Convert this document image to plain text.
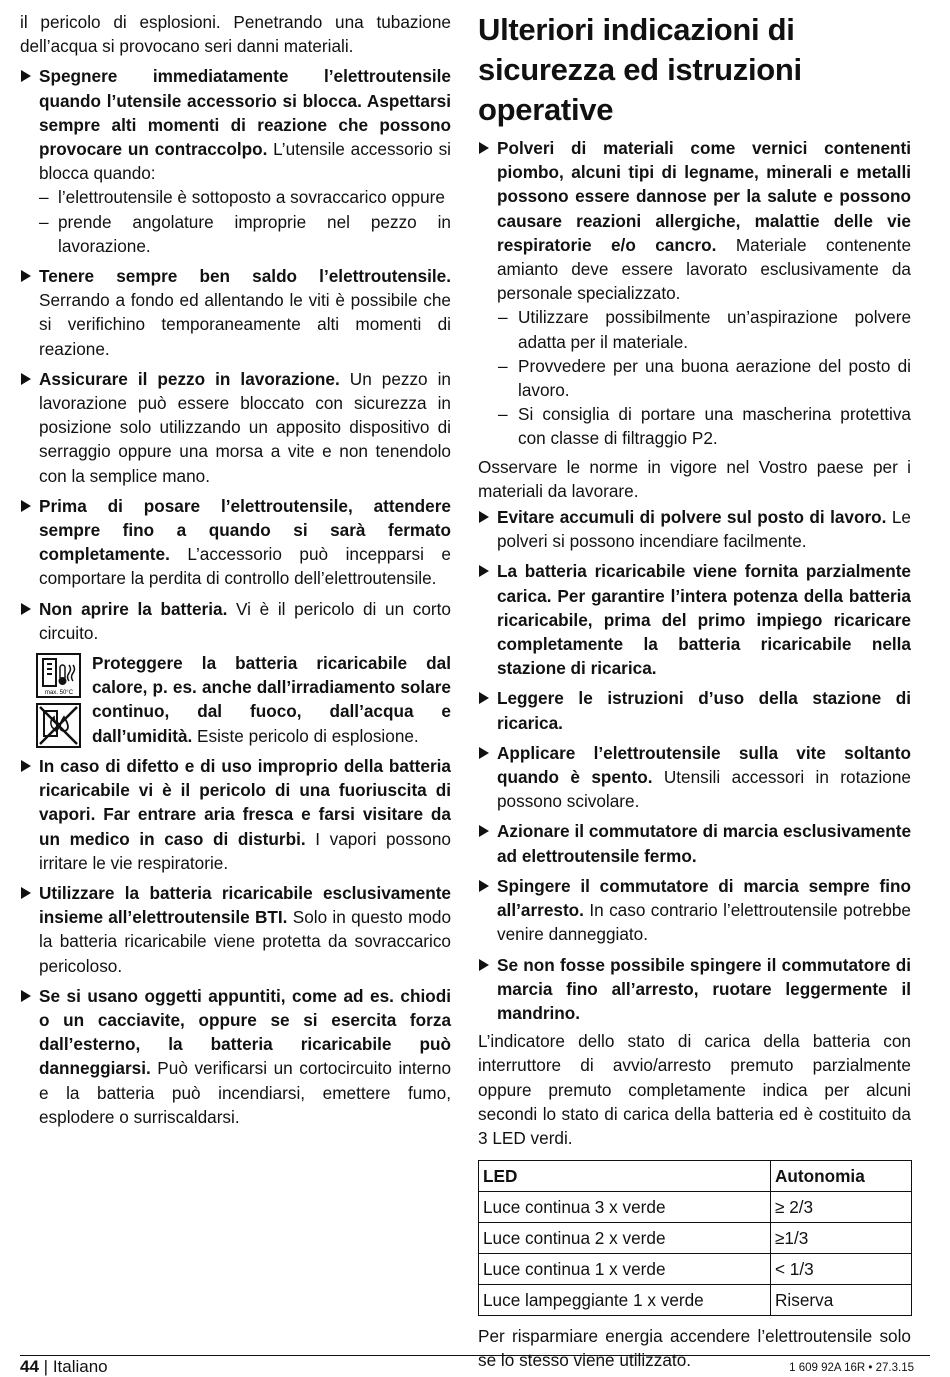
il pericolo di esplosioni. Penetrando una tubazione dell’acqua si provocano seri danni materiali.

Spegnere immediatamente l’elettroutensile quando l’utensile accessorio si blocca. Aspettarsi sempre alti momenti di reazione che possono provocare un contraccolpo. L’utensile accessorio si blocca quando:
– l’elettroutensile è sottoposto a sovraccarico oppure
– prende angolature improprie nel pezzo in lavorazione.
Tenere sempre ben saldo l’elettroutensile. Serrando a fondo ed allentando le viti è possibile che si verifichino temporaneamente alti momenti di reazione.
Assicurare il pezzo in lavorazione. Un pezzo in lavorazione può essere bloccato con sicurezza in posizione solo utilizzando un apposito dispositivo di serraggio oppure una morsa a vite e non tenendolo con la semplice mano.
Prima di posare l’elettroutensile, attendere sempre fino a quando si sarà fermato completamente. L’accessorio può incepparsi e comportare la perdita di controllo dell’elettroutensile.
Non aprire la batteria. Vi è il pericolo di un corto circuito.
max. 50°C
Proteggere la batteria ricaricabile dal calore, p. es. anche dall’irradiamento solare continuo, dal fuoco, dall’acqua e dall’umidità. Esiste pericolo di esplosione.
In caso di difetto e di uso improprio della batteria ricaricabile vi è il pericolo di una fuoriuscita di vapori. Far entrare aria fresca e farsi visitare da un medico in caso di disturbi. I vapori possono irritare le vie respiratorie.
Utilizzare la batteria ricaricabile esclusivamente insieme all’elettroutensile BTI. Solo in questo modo la batteria ricaricabile viene protetta da sovraccarico pericoloso.
Se si usano oggetti appuntiti, come ad es. chiodi o un cacciavite, oppure se si esercita forza dall’esterno, la batteria ricaricabile può danneggiarsi. Può verificarsi un cortocircuito interno e la batteria può incendiarsi, emettere fumo, esplodere o surriscaldarsi.
Ulteriori indicazioni di sicurezza ed istruzioni operative
Polveri di materiali come vernici contenenti piombo, alcuni tipi di legname, minerali e metalli possono essere dannose per la salute e possono causare reazioni allergiche, malattie delle vie respiratorie e/o cancro. Materiale contenente amianto deve essere lavorato esclusivamente da personale specializzato.
– Utilizzare possibilmente un’aspirazione polvere adatta per il materiale.
– Provvedere per una buona aerazione del posto di lavoro.
– Si consiglia di portare una mascherina protettiva con classe di filtraggio P2.

Osservare le norme in vigore nel Vostro paese per i materiali da lavorare.

Evitare accumuli di polvere sul posto di lavoro. Le polveri si possono incendiare facilmente.
La batteria ricaricabile viene fornita parzialmente carica. Per garantire l’intera potenza della batteria ricaricabile, prima del primo impiego ricaricare completamente la batteria ricaricabile nella stazione di ricarica.
Leggere le istruzioni d’uso della stazione di ricarica.
Applicare l’elettroutensile sulla vite soltanto quando è spento. Utensili accessori in rotazione possono scivolare.
Azionare il commutatore di marcia esclusivamente ad elettroutensile fermo.
Spingere il commutatore di marcia sempre fino all’arresto. In caso contrario l’elettroutensile potrebbe venire danneggiato.
Se non fosse possibile spingere il commutatore di marcia fino all’arresto, ruotare leggermente il mandrino.

L’indicatore dello stato di carica della batteria con interruttore di avvio/arresto premuto parzialmente oppure premuto completamente indica per alcuni secondi lo stato di carica della batteria ed è costituito da 3 LED verdi.

LED	Autonomia
Luce continua 3 x verde	≥ 2/3
Luce continua 2 x verde	≥1/3
Luce continua 1 x verde	< 1/3
Luce lampeggiante 1 x verde	Riserva

Per risparmiare energia accendere l’elettroutensile solo se lo stesso viene utilizzato.

44 | Italiano	1 609 92A 16R • 27.3.15
